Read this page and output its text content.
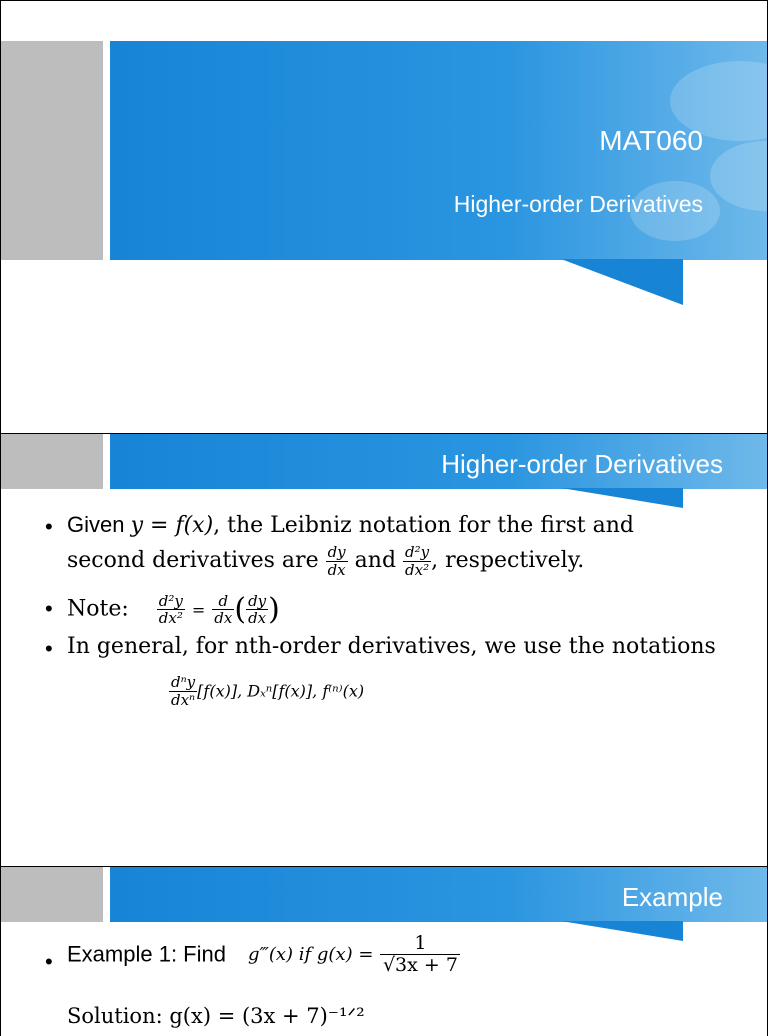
MAT060
Higher-order Derivatives
Higher-order Derivatives
• Given y = f(x), the Leibniz notation for the first and
second derivatives are $\frac{dy}{dx}$ and $\frac{\text{d²y}}{\text{dx²}}$ , respectively.
• Note: $\frac{\text{d²y}}{\text{dx²}} = \frac{d}{dx}$ ( $\frac{dy}{dx}$ )
• In general, for nth-order derivatives, we use the notations
$\frac{\text{dⁿy}}{\text{dxⁿ}} [f(x)]$, Dₓⁿ[f(x)], f⁽ⁿ⁾(x)
Example
• Example 1: Find g‴(x) if $g(x) = \frac{1}{√3x + 7}$
Solution: g(x) = (3x + 7)⁻¹ᐟ²
